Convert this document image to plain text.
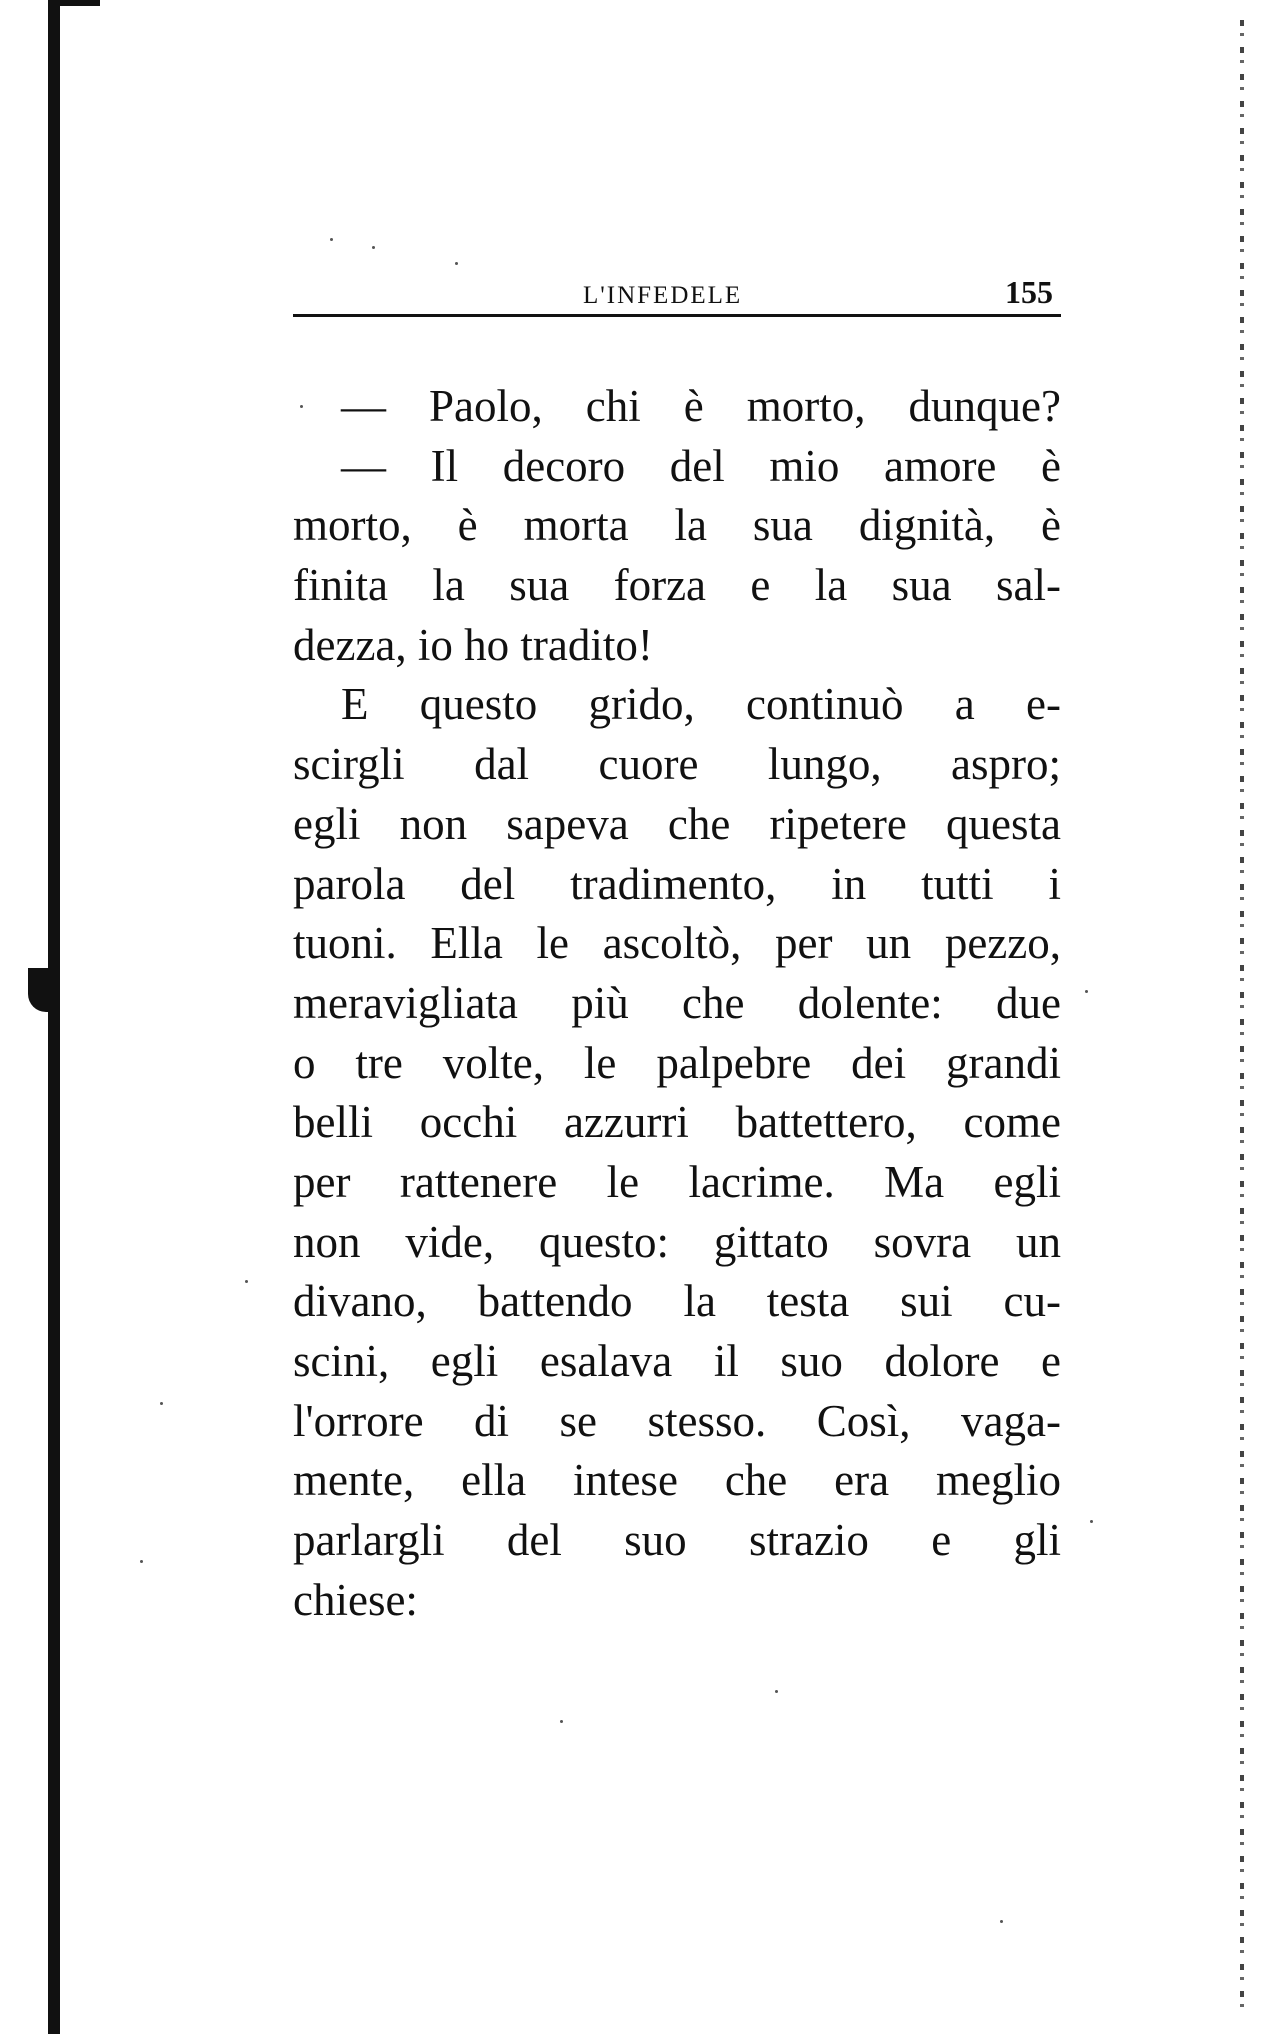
L'INFEDELE	155
— Paolo, chi è morto, dunque?
— Il decoro del mio amore è
morto, è morta la sua dignità, è
finita la sua forza e la sua sal-
dezza, io ho tradito!
E questo grido, continuò a e-
scirgli dal cuore lungo, aspro;
egli non sapeva che ripetere questa
parola del tradimento, in tutti i
tuoni. Ella le ascoltò, per un pezzo,
meravigliata più che dolente: due
o tre volte, le palpebre dei grandi
belli occhi azzurri battettero, come
per rattenere le lacrime. Ma egli
non vide, questo: gittato sovra un
divano, battendo la testa sui cu-
scini, egli esalava il suo dolore e
l'orrore di se stesso. Così, vaga-
mente, ella intese che era meglio
parlargli del suo strazio e gli
chiese:
